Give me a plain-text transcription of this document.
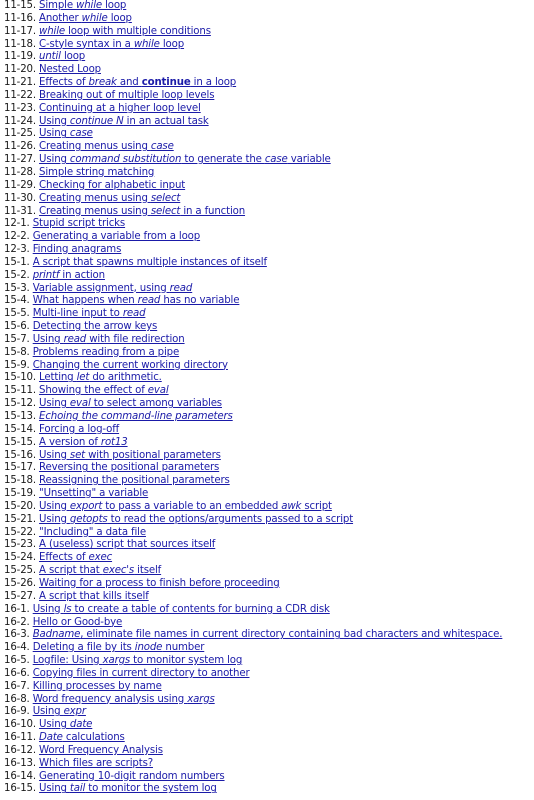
11-15. Simple while loop
11-16. Another while loop
11-17. while loop with multiple conditions
11-18. C-style syntax in a while loop
11-19. until loop
11-20. Nested Loop
11-21. Effects of break and continue in a loop
11-22. Breaking out of multiple loop levels
11-23. Continuing at a higher loop level
11-24. Using continue N in an actual task
11-25. Using case
11-26. Creating menus using case
11-27. Using command substitution to generate the case variable
11-28. Simple string matching
11-29. Checking for alphabetic input
11-30. Creating menus using select
11-31. Creating menus using select in a function
12-1. Stupid script tricks
12-2. Generating a variable from a loop
12-3. Finding anagrams
15-1. A script that spawns multiple instances of itself
15-2. printf in action
15-3. Variable assignment, using read
15-4. What happens when read has no variable
15-5. Multi-line input to read
15-6. Detecting the arrow keys
15-7. Using read with file redirection
15-8. Problems reading from a pipe
15-9. Changing the current working directory
15-10. Letting let do arithmetic.
15-11. Showing the effect of eval
15-12. Using eval to select among variables
15-13. Echoing the command-line parameters
15-14. Forcing a log-off
15-15. A version of rot13
15-16. Using set with positional parameters
15-17. Reversing the positional parameters
15-18. Reassigning the positional parameters
15-19. "Unsetting" a variable
15-20. Using export to pass a variable to an embedded awk script
15-21. Using getopts to read the options/arguments passed to a script
15-22. "Including" a data file
15-23. A (useless) script that sources itself
15-24. Effects of exec
15-25. A script that exec's itself
15-26. Waiting for a process to finish before proceeding
15-27. A script that kills itself
16-1. Using ls to create a table of contents for burning a CDR disk
16-2. Hello or Good-bye
16-3. Badname, eliminate file names in current directory containing bad characters and whitespace.
16-4. Deleting a file by its inode number
16-5. Logfile: Using xargs to monitor system log
16-6. Copying files in current directory to another
16-7. Killing processes by name
16-8. Word frequency analysis using xargs
16-9. Using expr
16-10. Using date
16-11. Date calculations
16-12. Word Frequency Analysis
16-13. Which files are scripts?
16-14. Generating 10-digit random numbers
16-15. Using tail to monitor the system log
